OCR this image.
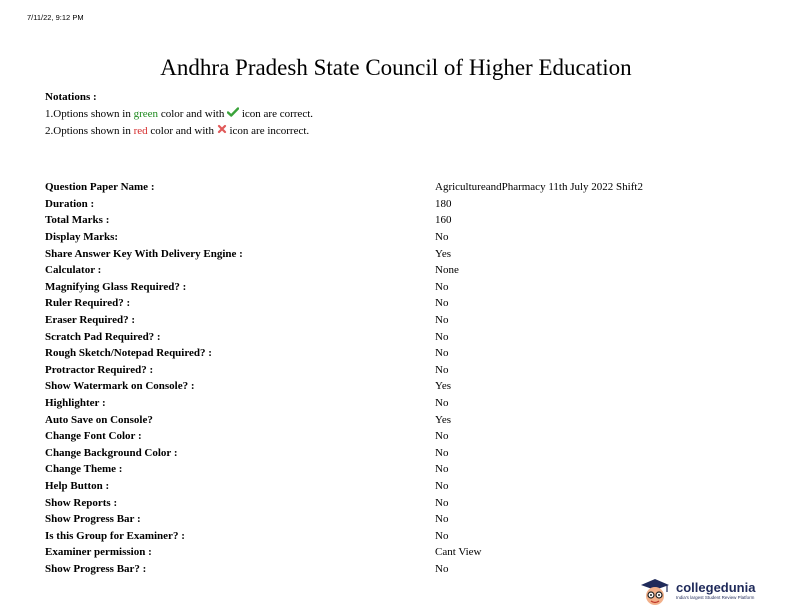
7/11/22, 9:12 PM
Andhra Pradesh State Council of Higher Education
Notations :
1.Options shown in green color and with  icon are correct.
2.Options shown in red color and with  icon are incorrect.
Question Paper Name :	AgricultureandPharmacy 11th July 2022 Shift2
Duration :	180
Total Marks :	160
Display Marks:	No
Share Answer Key With Delivery Engine :	Yes
Calculator :	None
Magnifying Glass Required? :	No
Ruler Required? :	No
Eraser Required? :	No
Scratch Pad Required? :	No
Rough Sketch/Notepad Required? :	No
Protractor Required? :	No
Show Watermark on Console? :	Yes
Highlighter :	No
Auto Save on Console?	Yes
Change Font Color :	No
Change Background Color :	No
Change Theme :	No
Help Button :	No
Show Reports :	No
Show Progress Bar :	No
Is this Group for Examiner? :	No
Examiner permission :	Cant View
Show Progress Bar? :	No
collegedunia
India's largest Student Review Platform
